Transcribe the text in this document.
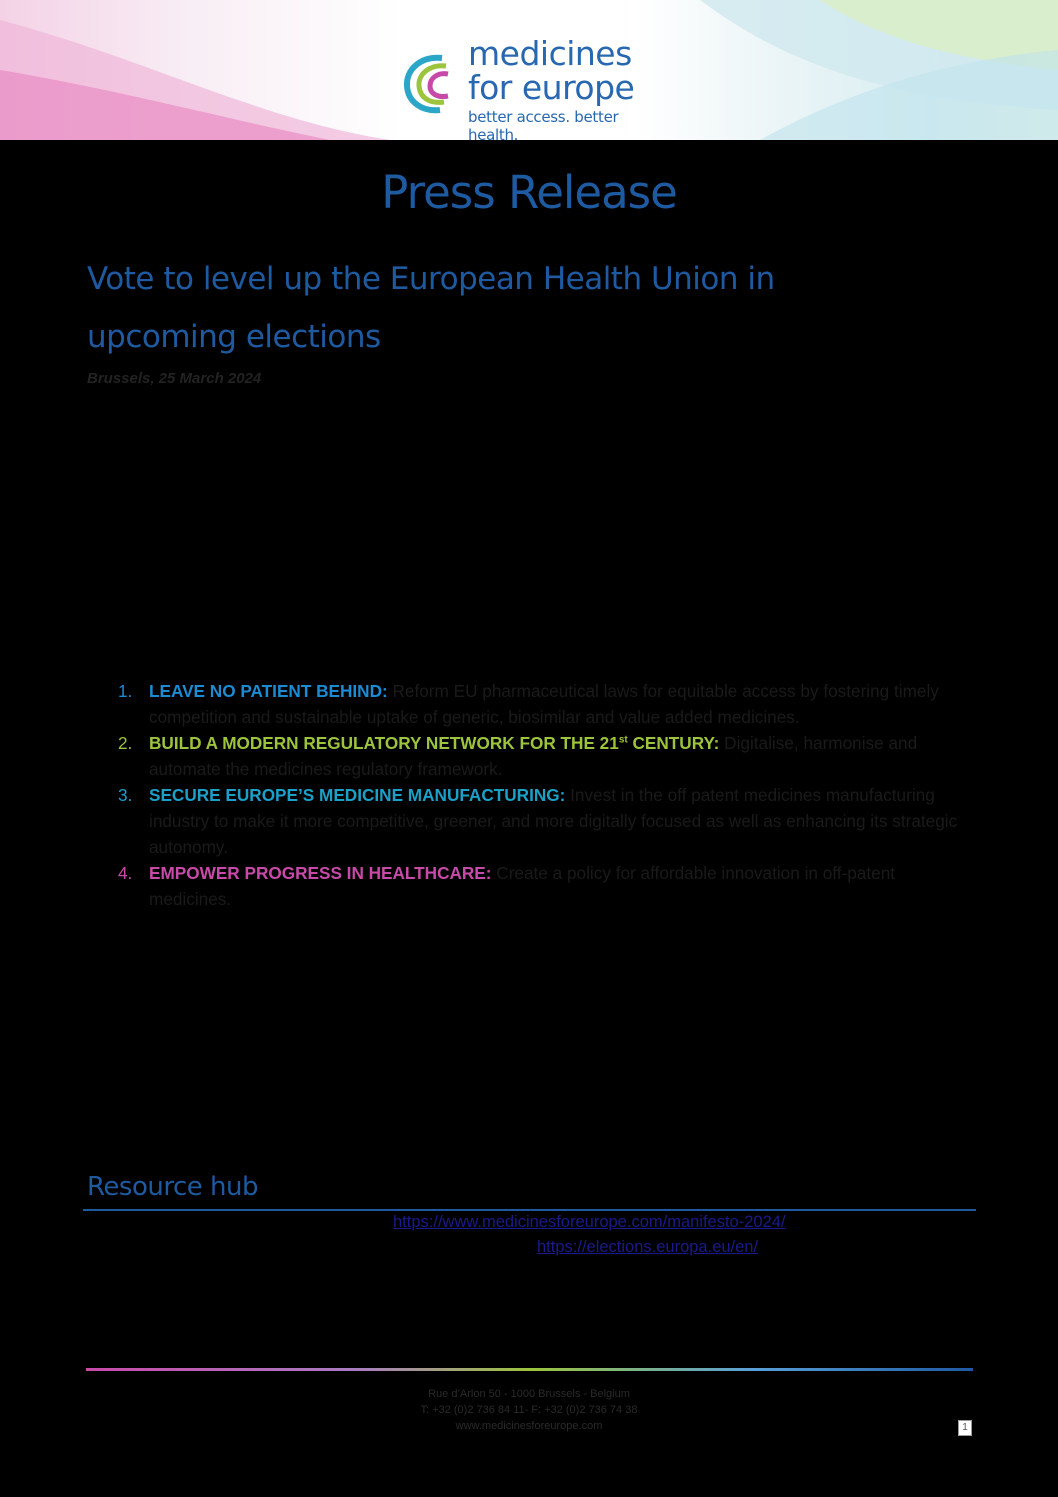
medicines
for europe
better access. better health.
Press Release
Vote to level up the European Health Union in
upcoming elections
Brussels, 25 March 2024
1. LEAVE NO PATIENT BEHIND: Reform EU pharmaceutical laws for equitable access by fostering timely competition and sustainable uptake of generic, biosimilar and value added medicines.
2. BUILD A MODERN REGULATORY NETWORK FOR THE 21st CENTURY: Digitalise, harmonise and automate the medicines regulatory framework.
3. SECURE EUROPE’S MEDICINE MANUFACTURING: Invest in the off patent medicines manufacturing industry to make it more competitive, greener, and more digitally focused as well as enhancing its strategic autonomy.
4. EMPOWER PROGRESS IN HEALTHCARE: Create a policy for affordable innovation in off-patent medicines.
Resource hub
https://www.medicinesforeurope.com/manifesto-2024/
https://elections.europa.eu/en/
Rue d’Arlon 50 - 1000 Brussels - Belgium
T: +32 (0)2 736 84 11- F: +32 (0)2 736 74 38
www.medicinesforeurope.com	1
